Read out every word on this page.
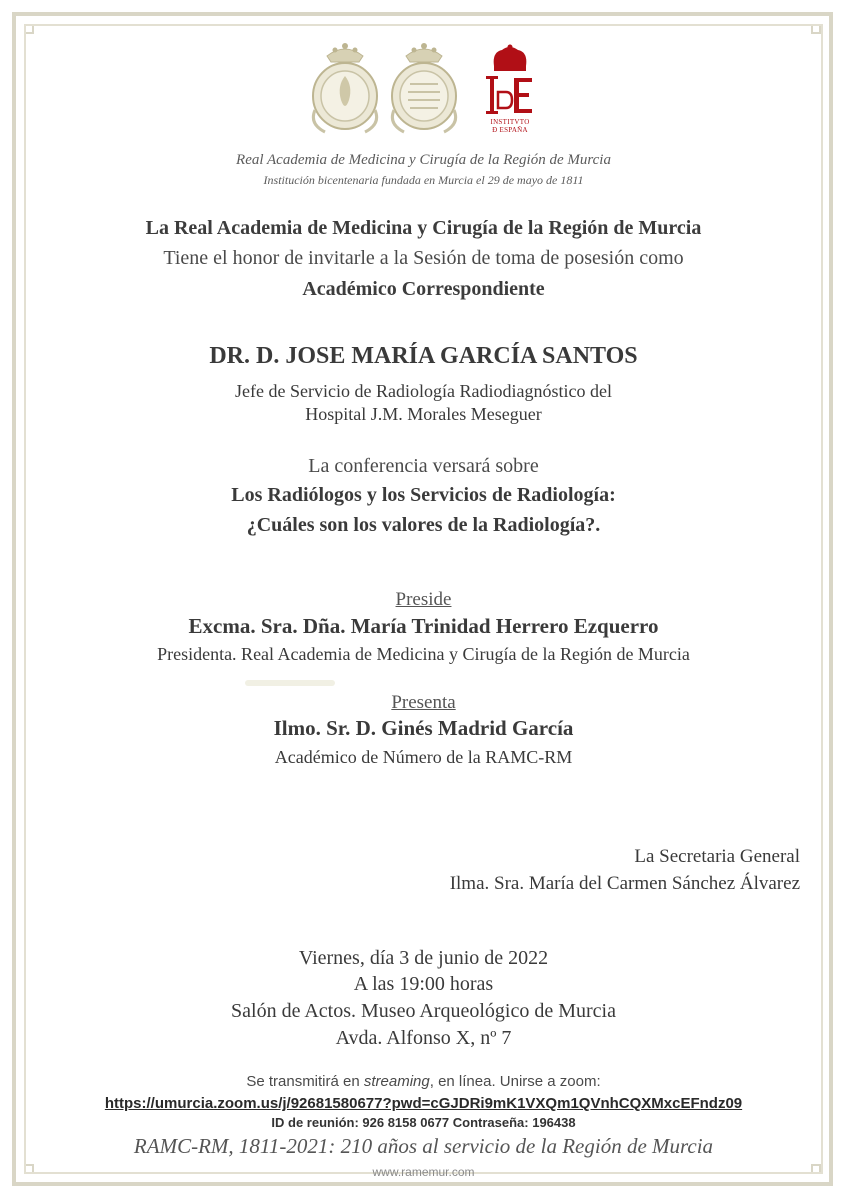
INSTITVTO
Ð ESPAÑA
Real Academia de Medicina y Cirugía de la Región de Murcia
Institución bicentenaria fundada en Murcia el 29 de mayo de 1811
La Real Academia de Medicina y Cirugía de la Región de Murcia
Tiene el honor de invitarle a la Sesión de toma de posesión como
Académico Correspondiente
DR. D. JOSE MARÍA GARCÍA SANTOS
Jefe de Servicio de Radiología Radiodiagnóstico del
Hospital J.M. Morales Meseguer
La conferencia versará sobre
Los Radiólogos y los Servicios de Radiología:
¿Cuáles son los valores de la Radiología?.
Preside
Excma. Sra. Dña. María Trinidad Herrero Ezquerro
Presidenta. Real Academia de Medicina y Cirugía de la Región de Murcia
Presenta
Ilmo. Sr. D. Ginés Madrid García
Académico de Número de la RAMC-RM
La Secretaria General
Ilma. Sra. María del Carmen Sánchez Álvarez
Viernes, día 3 de junio de 2022
A las 19:00 horas
Salón de Actos. Museo Arqueológico de Murcia
Avda. Alfonso X, nº 7
Se transmitirá en streaming, en línea. Unirse a zoom:
https://umurcia.zoom.us/j/92681580677?pwd=cGJDRi9mK1VXQm1QVnhCQXMxcEFndz09
ID de reunión: 926 8158 0677 Contraseña: 196438
RAMC-RM, 1811-2021: 210 años al servicio de la Región de Murcia
www.ramemur.com
